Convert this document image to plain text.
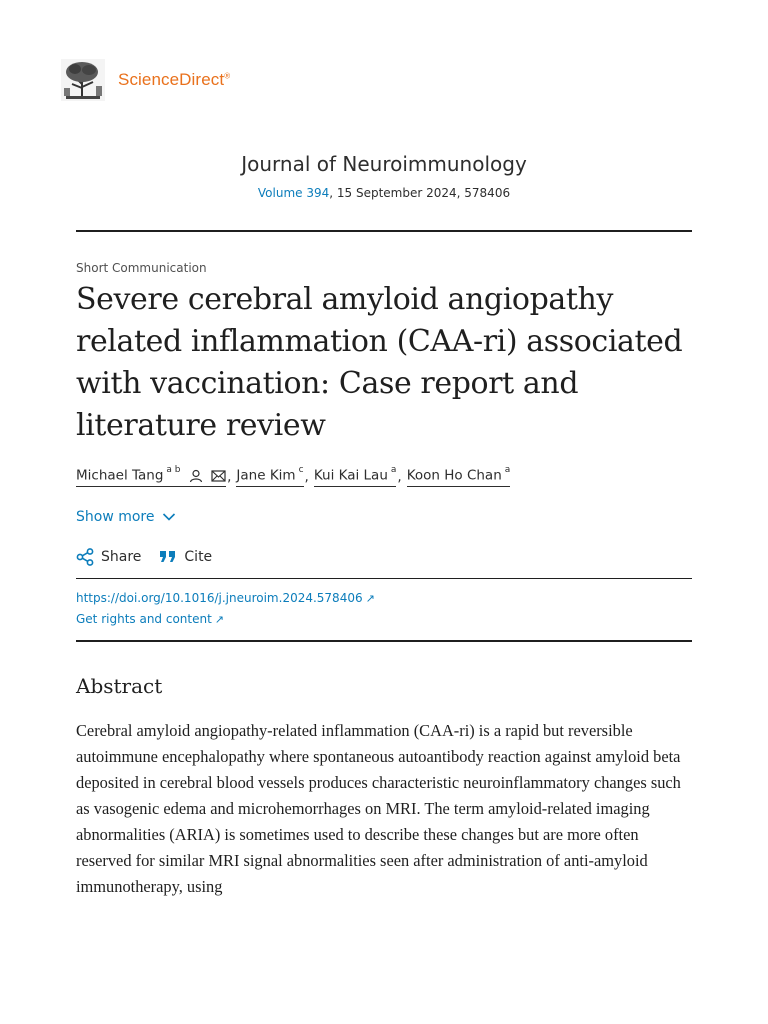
ScienceDirect®
Journal of Neuroimmunology
Volume 394, 15 September 2024, 578406
Short Communication
Severe cerebral amyloid angiopathy related inflammation (CAA-ri) associated with vaccination: Case report and literature review
Michael Tang $^{a b}$	, Jane Kim $^c$ , Kui Kai Lau $^a$ , Koon Ho Chan $^a$
Show more
Share	Cite
https://doi.org/10.1016/j.jneuroim.2024.578406 ↗
Get rights and content ↗
Abstract

Cerebral amyloid angiopathy-related inflammation (CAA-ri) is a rapid but reversible autoimmune encephalopathy where spontaneous autoantibody reaction against amyloid beta deposited in cerebral blood vessels produces characteristic neuroinflammatory changes such as vasogenic edema and microhemorrhages on MRI. The term amyloid-related imaging abnormalities (ARIA) is sometimes used to describe these changes but are more often reserved for similar MRI signal abnormalities seen after administration of anti-amyloid immunotherapy, using
